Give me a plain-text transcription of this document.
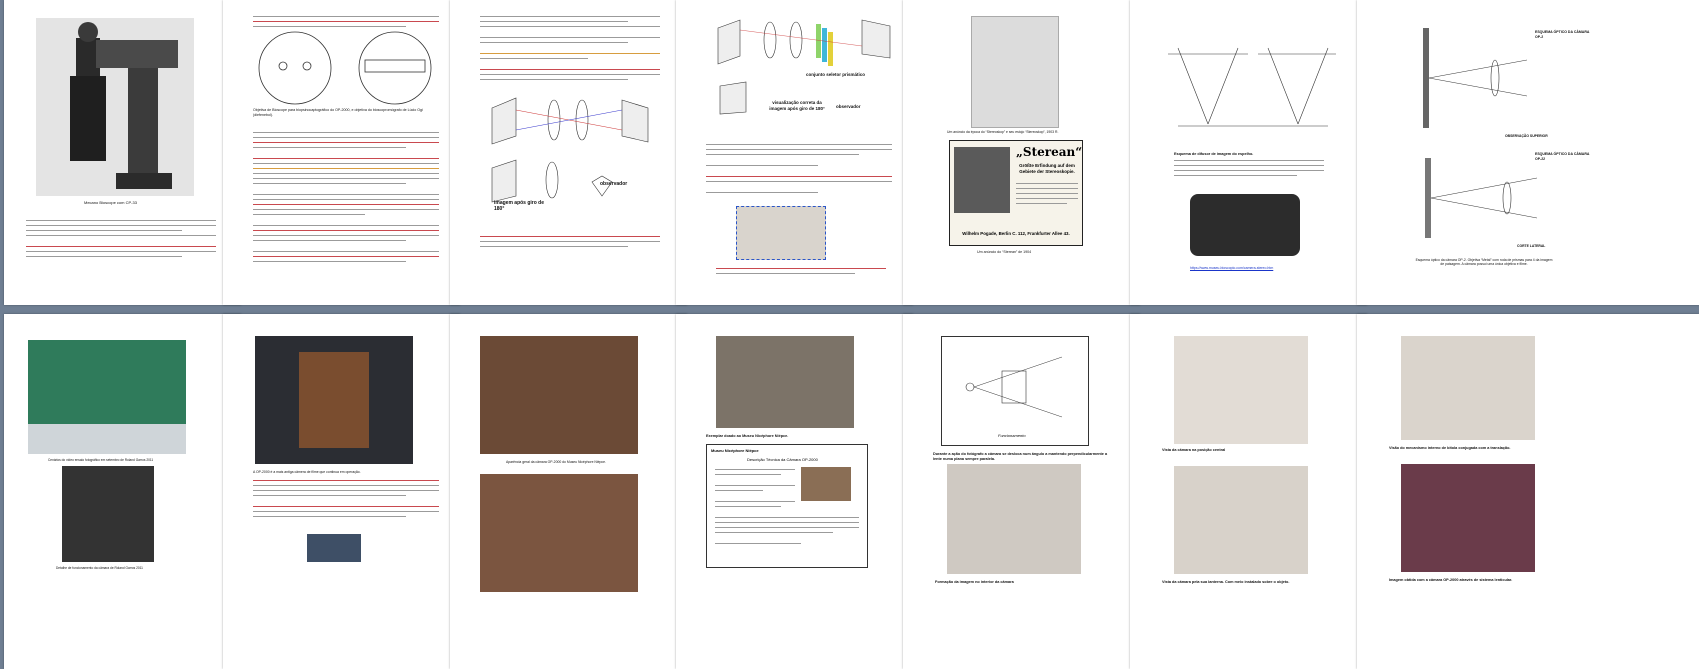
Mecano Bioscope com CP-33
Objetiva de Bioscope para biopsinocaptográfico do OP-2000, e objetiva do bioscopromógrafo de Lúcio Ogi (diefenebol).
imagem após giro de 180°
observador
conjunto seletor prismático
visualização correta da imagem após giro de 180°	observador
Um anúncio da época do “Stereoskop” e seu estojo “Stereoskop”, 1903 R.
„Sterean“
Größte Erfindung auf dem Gebiete der Stereoskopie.
Wilhelm Pogade, Berlin C. 112, Frankfurter Allee 43.
Um anúncio do “Sterean” de 1904
Esquema de difusor de imagem do espelho.
https://www.museu-bioscopio.com/camera-stereo.htm
ESQUEMA ÓPTICO DA CÂMARA OP-2
OBSERVAÇÃO SUPERIOR
ESQUEMA ÓPTICO DA CÂMARA OP-22
CORTE LATERAL
Esquema óptico da câmara OP-2. Objetiva “Metal” com roda de prismas para 4 da imagem de paisagem. A câmara possui uma única objetiva e filme.
Cenários do vídeo ensaio fotográfico em setembro de Roland Garros 2011
Detalhe de funcionamento da câmara de Roland Garros 2011
A OP-2000 é a mais antiga câmera de filme que continua em operação.
Aparência geral da câmara OP-2000 do Museu Nicéphore Niépce.
Exemplar doado ao Museu Nicéphore Niépce.
Museu Nicéphore Niépce
Descrição Técnica da Câmara OP-2000
Funcionamento
Durante a ação do fotógrafo a câmara se desloca num ângulo a mantendo perpendicularmente a lente numa plana sempre paralela.
Formação da imagem no interior da câmara
Vista da câmara na posição central
Vista da câmara pela sua lanterna. Com meio instalado sobre o objeto.
Visão do mecanismo interno de bitola conjugada com a translação.
Imagem obtida com a câmara OP-2000 através de sistema lenticular.
